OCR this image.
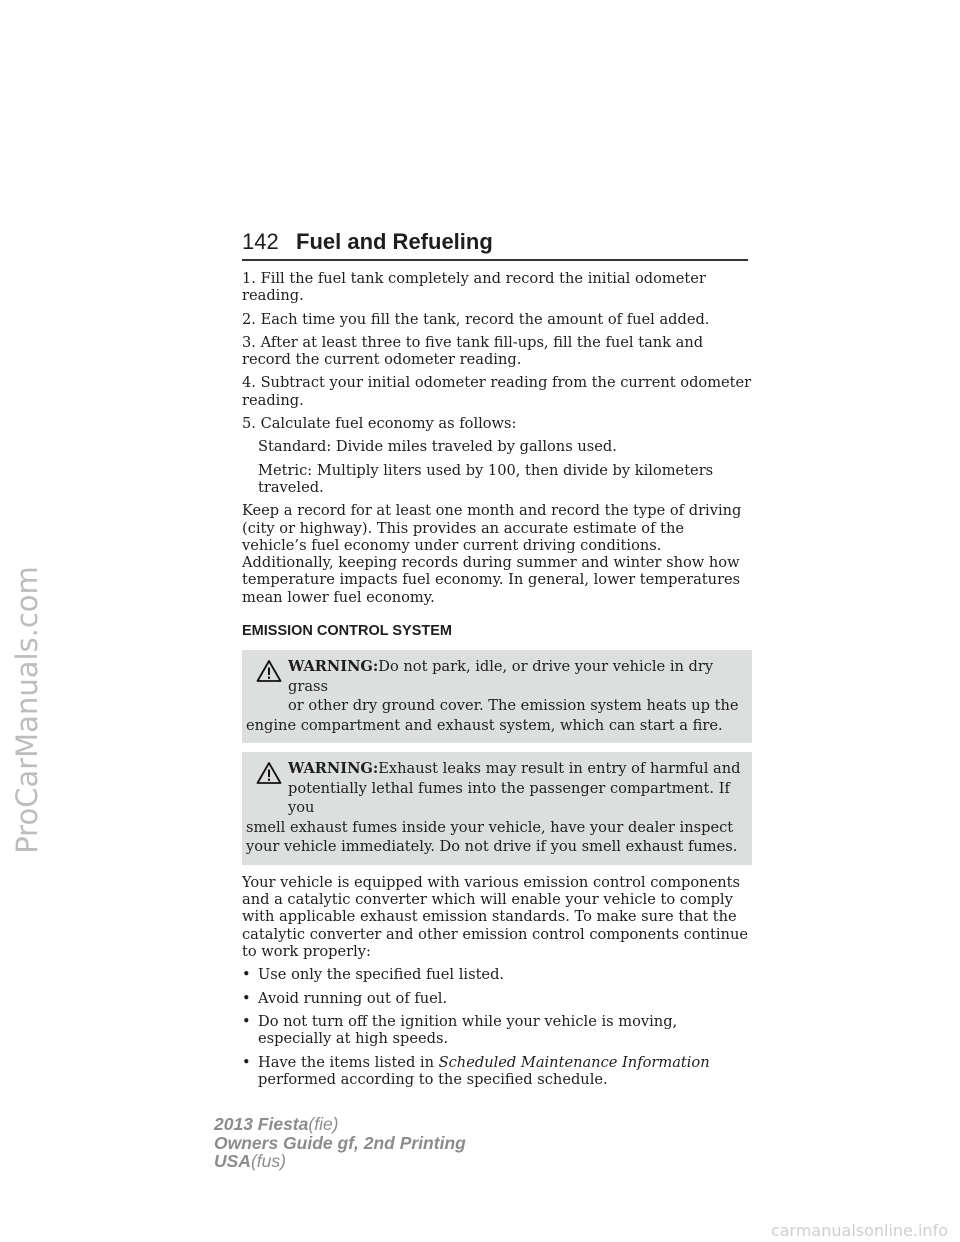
ProCarManuals.com
142 Fuel and Refueling

1. Fill the fuel tank completely and record the initial odometer reading.

2. Each time you fill the tank, record the amount of fuel added.

3. After at least three to five tank fill-ups, fill the fuel tank and record the current odometer reading.

4. Subtract your initial odometer reading from the current odometer reading.

5. Calculate fuel economy as follows:

Standard: Divide miles traveled by gallons used.

Metric: Multiply liters used by 100, then divide by kilometers traveled.

Keep a record for at least one month and record the type of driving (city or highway). This provides an accurate estimate of the vehicle’s fuel economy under current driving conditions. Additionally, keeping records during summer and winter show how temperature impacts fuel economy. In general, lower temperatures mean lower fuel economy.

EMISSION CONTROL SYSTEM
WARNING:Do not park, idle, or drive your vehicle in dry grass
or other dry ground cover. The emission system heats up the
engine compartment and exhaust system, which can start a fire.
WARNING:Exhaust leaks may result in entry of harmful and
potentially lethal fumes into the passenger compartment. If you
smell exhaust fumes inside your vehicle, have your dealer inspect your vehicle immediately. Do not drive if you smell exhaust fumes.

Your vehicle is equipped with various emission control components and a catalytic converter which will enable your vehicle to comply with applicable exhaust emission standards. To make sure that the catalytic converter and other emission control components continue to work properly:

• Use only the specified fuel listed.
• Avoid running out of fuel.
• Do not turn off the ignition while your vehicle is moving, especially at high speeds.
• Have the items listed in Scheduled Maintenance Information performed according to the specified schedule.
2013 Fiesta(fie)
Owners Guide gf, 2nd Printing
USA(fus)
carmanualsonline.info
